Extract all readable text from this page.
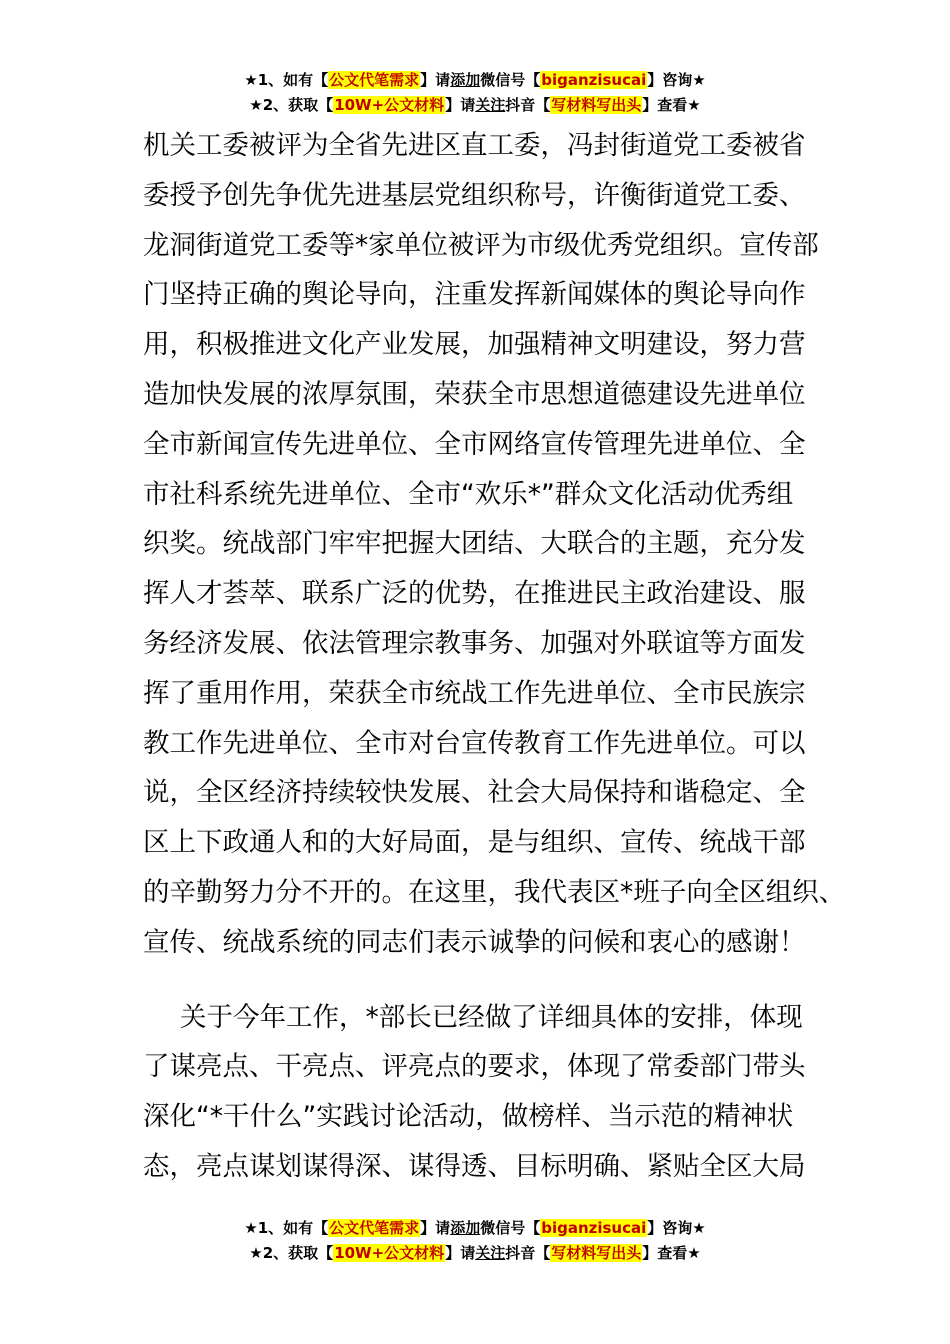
★1、如有【公文代笔需求】请添加微信号【biganzisucai】咨询★
★2、获取【10W+公文材料】请关注抖音【写材料写出头】查看★
机关工委被评为全省先进区直工委，冯封街道党工委被省
委授予创先争优先进基层党组织称号，许衡街道党工委、
龙洞街道党工委等*家单位被评为市级优秀党组织。宣传部
门坚持正确的舆论导向，注重发挥新闻媒体的舆论导向作
用，积极推进文化产业发展，加强精神文明建设，努力营
造加快发展的浓厚氛围，荣获全市思想道德建设先进单位
全市新闻宣传先进单位、全市网络宣传管理先进单位、全
市社科系统先进单位、全市“欢乐*”群众文化活动优秀组
织奖。统战部门牢牢把握大团结、大联合的主题，充分发
挥人才荟萃、联系广泛的优势，在推进民主政治建设、服
务经济发展、依法管理宗教事务、加强对外联谊等方面发
挥了重用作用，荣获全市统战工作先进单位、全市民族宗
教工作先进单位、全市对台宣传教育工作先进单位。可以
说，全区经济持续较快发展、社会大局保持和谐稳定、全
区上下政通人和的大好局面，是与组织、宣传、统战干部
的辛勤努力分不开的。在这里，我代表区*班子向全区组织、
宣传、统战系统的同志们表示诚挚的问候和衷心的感谢！
关于今年工作，*部长已经做了详细具体的安排，体现
了谋亮点、干亮点、评亮点的要求，体现了常委部门带头
深化“*干什么”实践讨论活动，做榜样、当示范的精神状
态，亮点谋划谋得深、谋得透、目标明确、紧贴全区大局
★1、如有【公文代笔需求】请添加微信号【biganzisucai】咨询★
★2、获取【10W+公文材料】请关注抖音【写材料写出头】查看★
